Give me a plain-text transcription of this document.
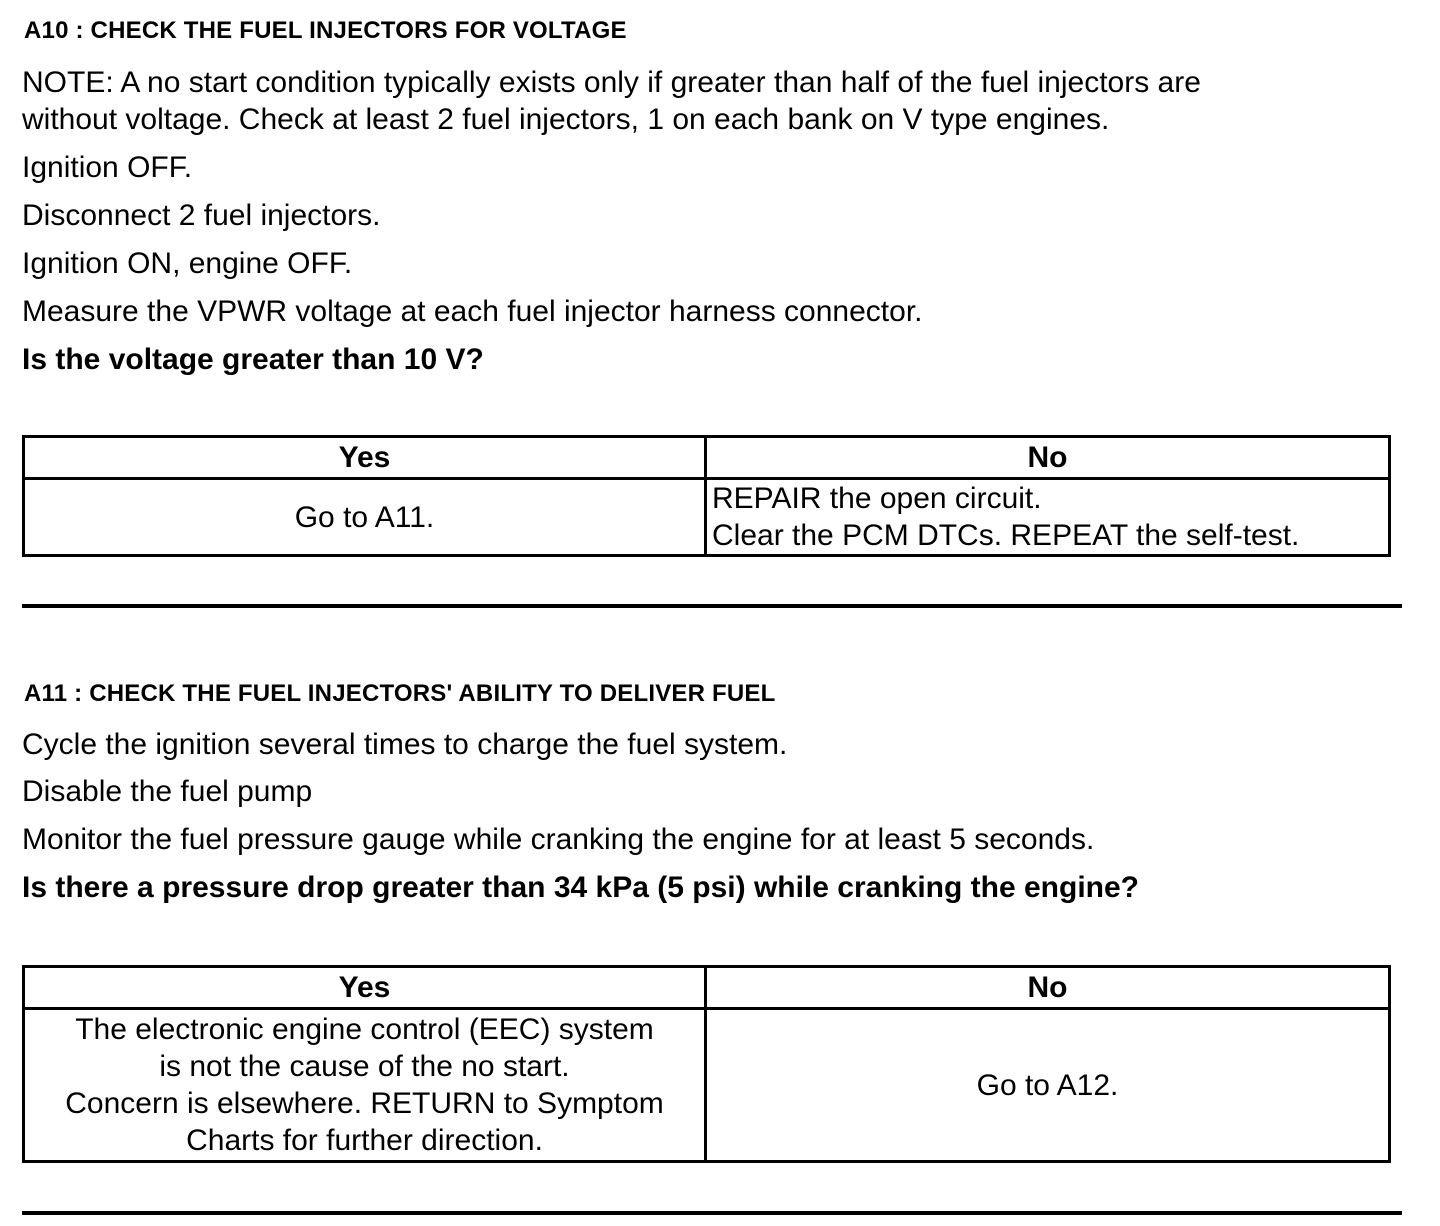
A10 : CHECK THE FUEL INJECTORS FOR VOLTAGE
NOTE: A no start condition typically exists only if greater than half of the fuel injectors are
without voltage. Check at least 2 fuel injectors, 1 on each bank on V type engines.
Ignition OFF.
Disconnect 2 fuel injectors.
Ignition ON, engine OFF.
Measure the VPWR voltage at each fuel injector harness connector.
Is the voltage greater than 10 V?
Yes	No

Go to A11.	REPAIR the open circuit.
Clear the PCM DTCs. REPEAT the self-test.
A11 : CHECK THE FUEL INJECTORS' ABILITY TO DELIVER FUEL
Cycle the ignition several times to charge the fuel system.
Disable the fuel pump
Monitor the fuel pressure gauge while cranking the engine for at least 5 seconds.
Is there a pressure drop greater than 34 kPa (5 psi) while cranking the engine?
Yes	No

The electronic engine control (EEC) system
is not the cause of the no start.
Concern is elsewhere. RETURN to Symptom
Charts for further direction.	Go to A12.
